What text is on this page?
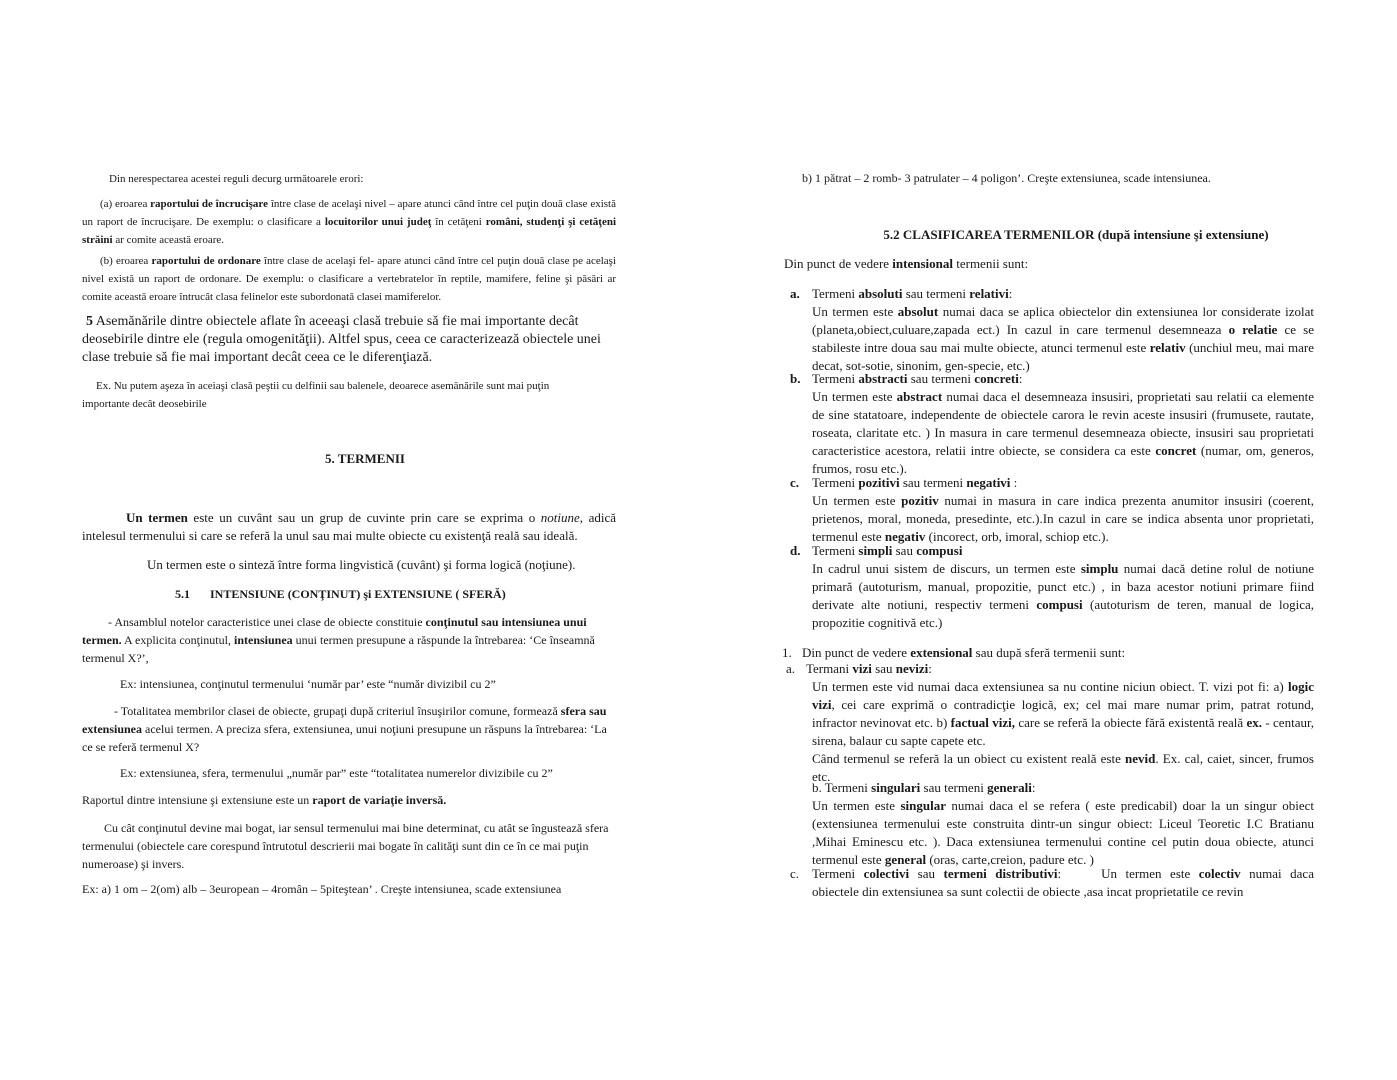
Din nerespectarea acestei reguli decurg următoarele erori:
(a) eroarea raportului de încrucişare între clase de acelaşi nivel – apare atunci când între cel puţin două clase există un raport de încrucişare. De exemplu: o clasificare a locuitorilor unui judeţ în cetăţeni români, studenţi şi cetăţeni străini ar comite această eroare.
(b) eroarea raportului de ordonare între clase de acelaşi fel- apare atunci când între cel puţin două clase pe acelaşi nivel există un raport de ordonare. De exemplu: o clasificare a vertebratelor în reptile, mamifere, feline şi păsări ar comite această eroare întrucât clasa felinelor este subordonată clasei mamiferelor.
5 Asemănările dintre obiectele aflate în aceeaşi clasă trebuie să fie mai importante decât deosebirile dintre ele (regula omogenităţii). Altfel spus, ceea ce caracterizează obiectele unei clase trebuie să fie mai important decât ceea ce le diferenţiază.
Ex. Nu putem aşeza în aceiaşi clasă peştii cu delfinii sau balenele, deoarece asemănările sunt mai puţin importante decât deosebirile
5. TERMENII
Un termen este un cuvânt sau un grup de cuvinte prin care se exprima o notiune, adică intelesul termenului si care se referă la unul sau mai multe obiecte cu existenţă reală sau ideală.
Un termen este o sinteză între forma lingvistică (cuvânt) şi forma logică (noţiune).
5.1 INTENSIUNE (CONŢINUT) şi EXTENSIUNE ( SFERĂ)
- Ansamblul notelor caracteristice unei clase de obiecte constituie conţinutul sau intensiunea unui termen. A explicita conţinutul, intensiunea unui termen presupune a răspunde la întrebarea: ‘Ce înseamnă termenul X?’,
Ex: intensiunea, conţinutul termenului ‘număr par’ este “număr divizibil cu 2”
- Totalitatea membrilor clasei de obiecte, grupaţi după criteriul însuşirilor comune, formează sfera sau extensiunea acelui termen. A preciza sfera, extensiunea, unui noţiuni presupune un răspuns la întrebarea: ‘La ce se referă termenul X?
Ex: extensiunea, sfera, termenului „număr par” este “totalitatea numerelor divizibile cu 2”
Raportul dintre intensiune şi extensiune este un raport de variaţie inversă.
Cu cât conţinutul devine mai bogat, iar sensul termenului mai bine determinat, cu atât se îngustează sfera termenului (obiectele care corespund întrutotul descrierii mai bogate în calităţi sunt din ce în ce mai puţin numeroase) şi invers.
Ex: a) 1 om – 2(om) alb – 3european – 4român – 5piteştean’ . Creşte intensiunea, scade extensiunea
b) 1 pătrat – 2 romb- 3 patrulater – 4 poligon’. Creşte extensiunea, scade intensiunea.
5.2 CLASIFICAREA TERMENILOR (după intensiune şi extensiune)
Din punct de vedere intensional termenii sunt:
a. Termeni absoluti sau termeni relativi:
Un termen este absolut numai daca se aplica obiectelor din extensiunea lor considerate izolat (planeta,obiect,culuare,zapada ect.) In cazul in care termenul desemneaza o relatie ce se stabileste intre doua sau mai multe obiecte, atunci termenul este relativ (unchiul meu, mai mare decat, sot-sotie, sinonim, gen-specie, etc.)
b. Termeni abstracti sau termeni concreti:
Un termen este abstract numai daca el desemneaza insusiri, proprietati sau relatii ca elemente de sine statatoare, independente de obiectele carora le revin aceste insusiri (frumusete, rautate, roseata, claritate etc. ) In masura in care termenul desemneaza obiecte, insusiri sau proprietati caracteristice acestora, relatii intre obiecte, se considera ca este concret (numar, om, generos, frumos, rosu etc.).
c. Termeni pozitivi sau termeni negativi :
Un termen este pozitiv numai in masura in care indica prezenta anumitor insusiri (coerent, prietenos, moral, moneda, presedinte, etc.).In cazul in care se indica absenta unor proprietati, termenul este negativ (incorect, orb, imoral, schiop etc.).
d. Termeni simpli sau compusi
In cadrul unui sistem de discurs, un termen este simplu numai dacă detine rolul de notiune primară (autoturism, manual, propozitie, punct etc.) , in baza acestor notiuni primare fiind derivate alte notiuni, respectiv termeni compusi (autoturism de teren, manual de logica, propozitie cognitivă etc.)
1. Din punct de vedere extensional sau după sferă termenii sunt:
a. Termani vizi sau nevizi:
Un termen este vid numai daca extensiunea sa nu contine niciun obiect. T. vizi pot fi: a) logic vizi, cei care exprimă o contradicţie logică, ex; cel mai mare numar prim, patrat rotund, infractor nevinovat etc. b) factual vizi, care se referă la obiecte fără existentă reală ex. - centaur, sirena, balaur cu sapte capete etc.
Când termenul se referă la un obiect cu existent reală este nevid. Ex. cal, caiet, sincer, frumos etc.
b. Termeni singulari sau termeni generali:
Un termen este singular numai daca el se refera ( este predicabil) doar la un singur obiect (extensiunea termenului este construita dintr-un singur obiect: Liceul Teoretic I.C Bratianu ,Mihai Eminescu etc. ). Daca extensiunea termenului contine cel putin doua obiecte, atunci termenul este general (oras, carte,creion, padure etc. )
c. Termeni colectivi sau termeni distributivi:	Un termen este colectiv numai daca obiectele din extensiunea sa sunt colectii de obiecte ,asa incat proprietatile ce revin
